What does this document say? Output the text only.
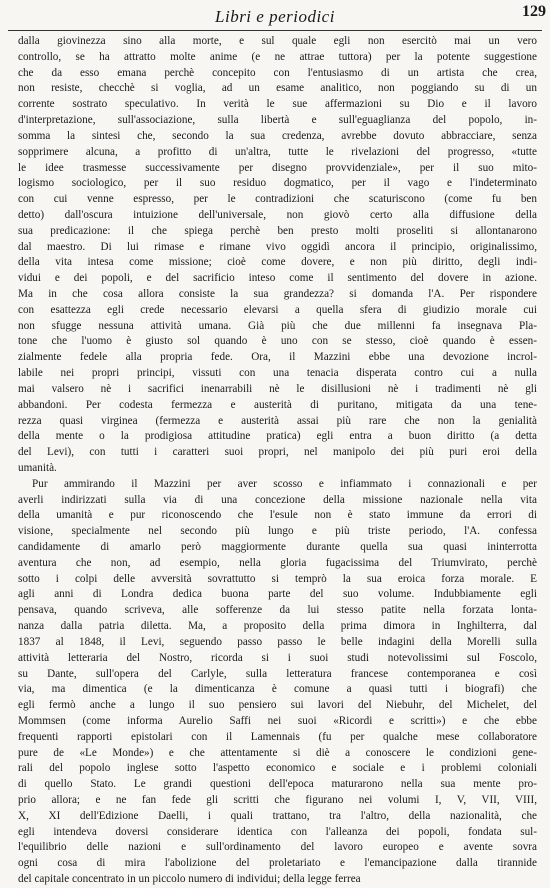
Libri e periodici	129
dalla giovinezza sino alla morte, e sul quale egli non esercitò mai un vero
controllo, se ha attratto molte anime (e ne attrae tuttora) per la potente suggestione
che da esso emana perchè concepito con l'entusiasmo di un artista che crea,
non resiste, checchè si voglia, ad un esame analitico, non poggiando su di un
corrente sostrato speculativo. In verità le sue affermazioni su Dio e il lavoro
d'interpretazione, sull'associazione, sulla libertà e sull'eguaglianza del popolo, in-
somma la sintesi che, secondo la sua credenza, avrebbe dovuto abbracciare, senza
sopprimere alcuna, a profitto di un'altra, tutte le rivelazioni del progresso, «tutte
le idee trasmesse successivamente per disegno provvidenziale», per il suo mito-
logismo sociologico, per il suo residuo dogmatico, per il vago e l'indeterminato
con cui venne espresso, per le contradizioni che scaturiscono (come fu ben
detto) dall'oscura intuizione dell'universale, non giovò certo alla diffusione della
sua predicazione: il che spiega perchè ben presto molti proseliti si allontanarono
dal maestro. Di lui rimase e rimane vivo oggidì ancora il principio, originalissimo,
della vita intesa come missione; cioè come dovere, e non più diritto, degli indi-
vidui e dei popoli, e del sacrificio inteso come il sentimento del dovere in azione.
Ma in che cosa allora consiste la sua grandezza? si domanda l'A. Per rispondere
con esattezza egli crede necessario elevarsi a quella sfera di giudizio morale cui
non sfugge nessuna attività umana. Già più che due millenni fa insegnava Pla-
tone che l'uomo è giusto sol quando è uno con se stesso, cioè quando è essen-
zialmente fedele alla propria fede. Ora, il Mazzini ebbe una devozione incrol-
labile nei propri principi, vissuti con una tenacia disperata contro cui a nulla
mai valsero nè i sacrifici inenarrabili nè le disillusioni nè i tradimenti nè gli
abbandoni. Per codesta fermezza e austerità di puritano, mitigata da una tene-
rezza quasi virginea (fermezza e austerità assai più rare che non la genialità
della mente o la prodigiosa attitudine pratica) egli entra a buon diritto (a detta
del Levi), con tutti i caratteri suoi propri, nel manipolo dei più puri eroi della
umanità.
Pur ammirando il Mazzini per aver scosso e infiammato i connazionali e per
averli indirizzati sulla via di una concezione della missione nazionale nella vita
della umanità e pur riconoscendo che l'esule non è stato immune da errori di
visione, specialmente nel secondo più lungo e più triste periodo, l'A. confessa
candidamente di amarlo però maggiormente durante quella sua quasi ininterrotta
aventura che non, ad esempio, nella gloria fugacissima del Triumvirato, perchè
sotto i colpi delle avversità sovrattutto si temprò la sua eroica forza morale. E
agli anni di Londra dedica buona parte del suo volume. Indubbiamente egli
pensava, quando scriveva, alle sofferenze da lui stesso patite nella forzata lonta-
nanza dalla patria diletta. Ma, a proposito della prima dimora in Inghilterra, dal
1837 al 1848, il Levi, seguendo passo passo le belle indagini della Morelli sulla
attività letteraria del Nostro, ricorda si i suoi studi notevolissimi sul Foscolo,
su Dante, sull'opera del Carlyle, sulla letteratura francese contemporanea e così
via, ma dimentica (e la dimenticanza è comune a quasi tutti i biografi) che
egli fermò anche a lungo il suo pensiero sui lavori del Niebuhr, del Michelet, del
Mommsen (come informa Aurelio Saffi nei suoi «Ricordi e scritti») e che ebbe
frequenti rapporti epistolari con il Lamennais (fu per qualche mese collaboratore
pure de «Le Monde») e che attentamente si diè a conoscere le condizioni gene-
rali del popolo inglese sotto l'aspetto economico e sociale e i problemi coloniali
di quello Stato. Le grandi questioni dell'epoca maturarono nella sua mente pro-
prio allora; e ne fan fede gli scritti che figurano nei volumi I, V, VII, VIII,
X, XI dell'Edizione Daelli, i quali trattano, tra l'altro, della nazionalità, che
egli intendeva doversi considerare identica con l'alleanza dei popoli, fondata sul-
l'equilibrio delle nazioni e sull'ordinamento del lavoro europeo e avente sovra
ogni cosa di mira l'abolizione del proletariato e l'emancipazione dalla tirannide
del capitale concentrato in un piccolo numero di individui; della legge ferrea
